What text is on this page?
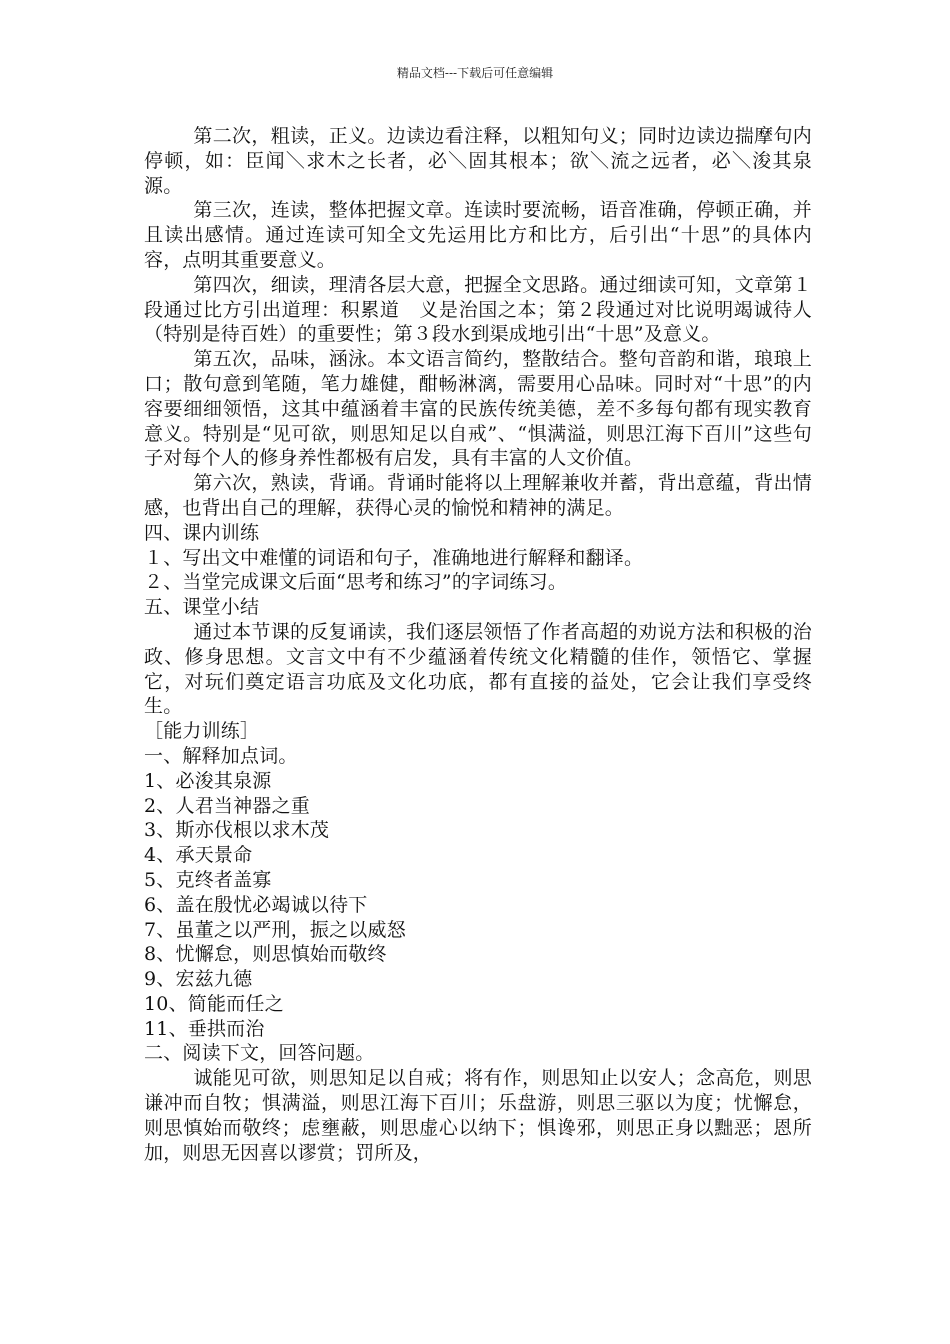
精品文档---下载后可任意编辑

第二次，粗读，正义。边读边看注释，以粗知句义；同时边读边揣摩句内停顿，如：臣闻＼求木之长者，必＼固其根本；欲＼流之远者，必＼浚其泉源。

第三次，连读，整体把握文章。连读时要流畅，语音准确，停顿正确，并且读出感情。通过连读可知全文先运用比方和比方，后引出“十思”的具体内容，点明其重要意义。

第四次，细读，理清各层大意，把握全文思路。通过细读可知，文章第１段通过比方引出道理：积累道　义是治国之本；第２段通过对比说明竭诚待人（特别是待百姓）的重要性；第３段水到渠成地引出“十思”及意义。

第五次，品味，涵泳。本文语言简约，整散结合。整句音韵和谐，琅琅上口；散句意到笔随，笔力雄健，酣畅淋漓，需要用心品味。同时对“十思”的内容要细细领悟，这其中蕴涵着丰富的民族传统美德，差不多每句都有现实教育意义。特别是“见可欲，则思知足以自戒”、“惧满溢，则思江海下百川”这些句子对每个人的修身养性都极有启发，具有丰富的人文价值。

第六次，熟读，背诵。背诵时能将以上理解兼收并蓄，背出意蕴，背出情感，也背出自己的理解，获得心灵的愉悦和精神的满足。

四、课内训练

１、写出文中难懂的词语和句子，准确地进行解释和翻译。

２、当堂完成课文后面“思考和练习”的字词练习。

五、课堂小结

通过本节课的反复诵读，我们逐层领悟了作者高超的劝说方法和积极的治政、修身思想。文言文中有不少蕴涵着传统文化精髓的佳作，领悟它、掌握它，对玩们奠定语言功底及文化功底，都有直接的益处，它会让我们享受终生。

［能力训练］

一、解释加点词。

1、必浚其泉源

2、人君当神器之重

3、斯亦伐根以求木茂

4、承天景命

5、克终者盖寡

6、盖在殷忧必竭诚以待下

7、虽董之以严刑，振之以威怒

8、忧懈怠，则思慎始而敬终

9、宏兹九德

10、简能而任之

11、垂拱而治

二、阅读下文，回答问题。

诚能见可欲，则思知足以自戒；将有作，则思知止以安人；念高危，则思谦冲而自牧；惧满溢，则思江海下百川；乐盘游，则思三驱以为度；忧懈怠，则思慎始而敬终；虑壅蔽，则思虚心以纳下；惧谗邪，则思正身以黜恶；恩所加，则思无因喜以谬赏；罚所及，
